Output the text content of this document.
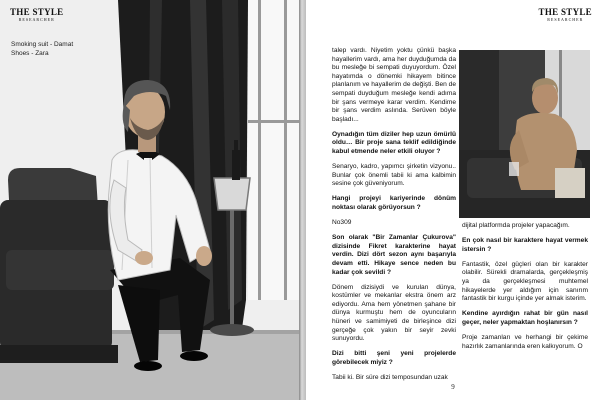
THE STYLE
RESEARCHER
Smoking suit - Damat
Shoes - Zara
THE STYLE
RESEARCHER

talep vardı. Niyetim yoktu çünkü başka hayallerim vardı, ama her duyduğumda da bu mesleğe bi sempati duyuyordum. Özel hayatımda o dönemki hikayem bitince planlanım ve hayallerim de değişti. Ben de sempati duyduğum mesleğe kendi adıma bir şans vermeye karar verdim. Kendime bir şans verdim aslında. Serüven böyle başladı...

Oynadığın tüm diziler hep uzun ömürlü oldu… Bir proje sana teklif edildiğinde kabul etmende neler etkili oluyor ?

Senaryo, kadro, yapımcı şirketin vizyonu.. Bunlar çok önemli tabii ki ama kalbimin sesine çok güveniyorum.

Hangi projeyi kariyerinde dönüm noktası olarak görüyorsun ?

No309

Son olarak "Bir Zamanlar Çukurova" dizisinde Fikret karakterine hayat verdin. Dizi dört sezon aynı başarıyla devam etti. Hikaye sence neden bu kadar çok sevildi ?

Dönem dizisiydi ve kurulan dünya, kostümler ve mekanlar ekstra önem arz ediyordu. Ama hem yönetmen şahane bir dünya kurmuştu hem de oyuncuların hüneri ve samimiyeti de birleşince dizi gerçeğe çok yakın bir seyir zevki sunuyordu.

Dizi bitti şeni yeni projelerde görebilecek miyiz ?

Tabii ki. Bir süre dizi temposundan uzak

dijital platformda projeler yapacağım.

En çok nasıl bir karaktere hayat vermek istersin ?

Fantastik, özel güçleri olan bir karakter olabilir. Sürekli dramalarda, gerçekleşmiş ya da gerçekleşmesi muhtemel hikayelerde yer aldığım için sanırım fantastik bir kurgu içinde yer almak isterim.

Kendine ayırdığın rahat bir gün nasıl geçer, neler yapmaktan hoşlanırsın ?

Proje zamanları ve herhangi bir çekime hazırlık zamanlarında eren kalkıyorum. O

9
